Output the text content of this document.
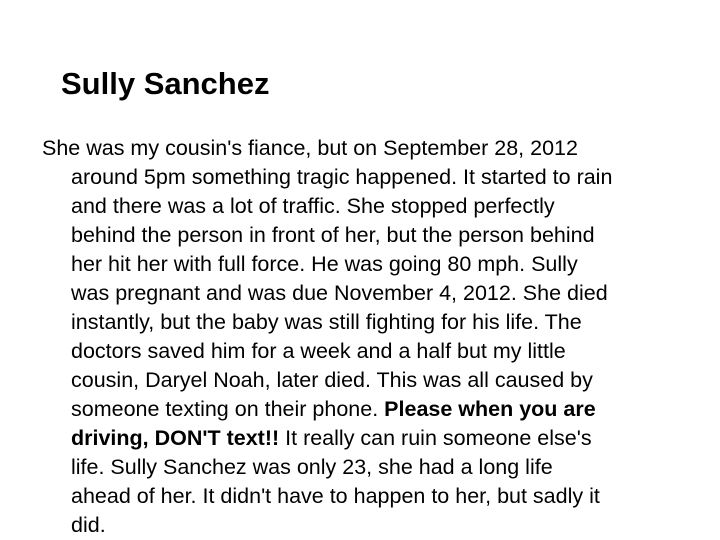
Sully Sanchez
She was my cousin's fiance, but on September 28, 2012
around 5pm something tragic happened. It started to rain
and there was a lot of traffic. She stopped perfectly
behind the person in front of her, but the person behind
her hit her with full force. He was going 80 mph. Sully
was pregnant and was due November 4, 2012. She died
instantly, but the baby was still fighting for his life. The
doctors saved him for a week and a half but my little
cousin, Daryel Noah, later died. This was all caused by
someone texting on their phone. Please when you are
driving, DON'T text!! It really can ruin someone else's
life. Sully Sanchez was only 23, she had a long life
ahead of her. It didn't have to happen to her, but sadly it
did.
